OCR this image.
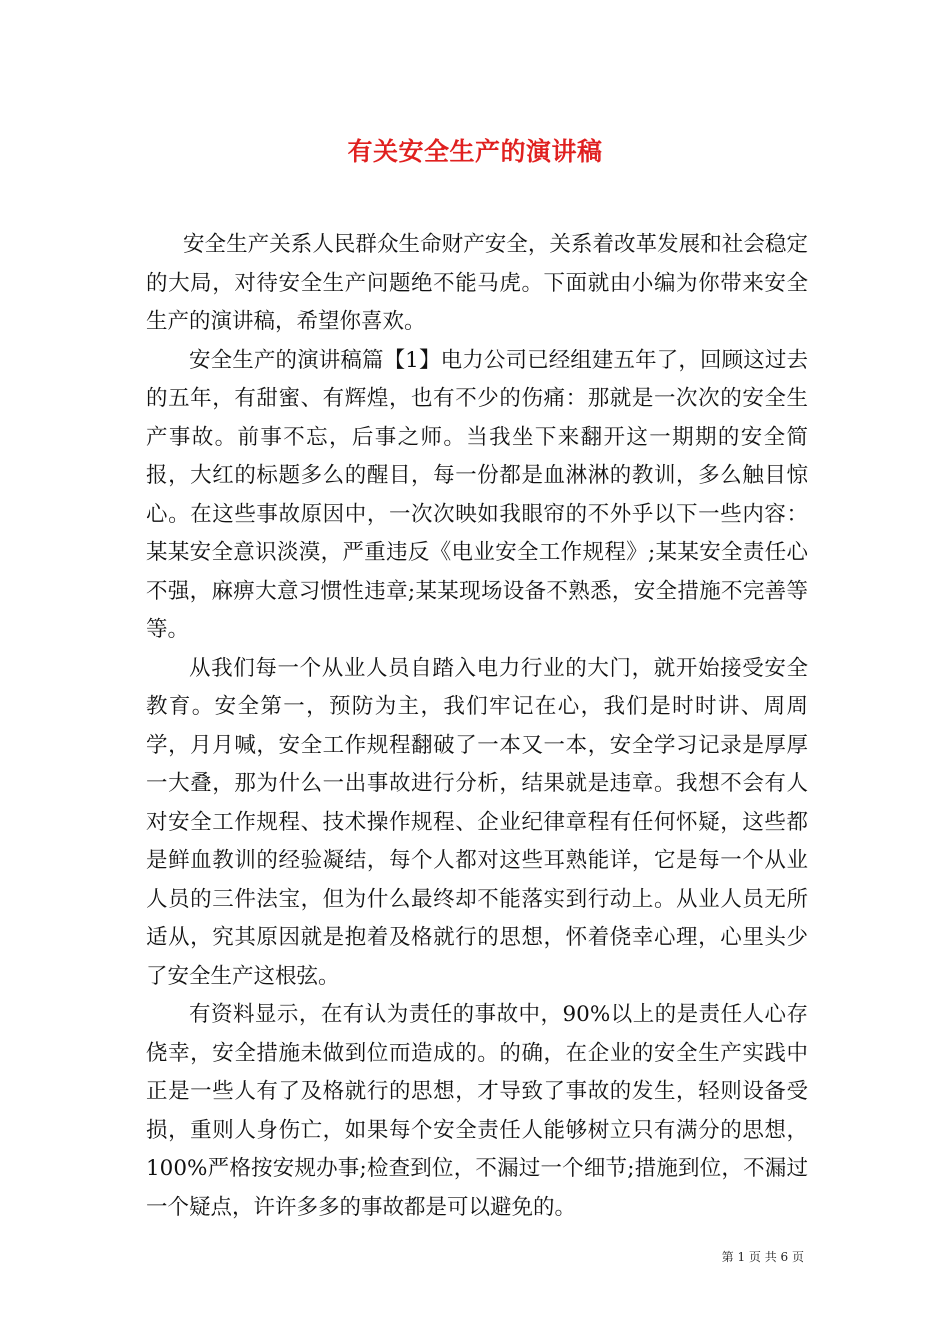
有关安全生产的演讲稿

安全生产关系人民群众生命财产安全，关系着改革发展和社会稳定的大局，对待安全生产问题绝不能马虎。下面就由小编为你带来安全生产的演讲稿，希望你喜欢。

安全生产的演讲稿篇【1】电力公司已经组建五年了，回顾这过去的五年，有甜蜜、有辉煌，也有不少的伤痛：那就是一次次的安全生产事故。前事不忘，后事之师。当我坐下来翻开这一期期的安全简报，大红的标题多么的醒目，每一份都是血淋淋的教训，多么触目惊心。在这些事故原因中，一次次映如我眼帘的不外乎以下一些内容：某某安全意识淡漠，严重违反《电业安全工作规程》;某某安全责任心不强，麻痹大意习惯性违章;某某现场设备不熟悉，安全措施不完善等等。

从我们每一个从业人员自踏入电力行业的大门，就开始接受安全教育。安全第一，预防为主，我们牢记在心，我们是时时讲、周周学，月月喊，安全工作规程翻破了一本又一本，安全学习记录是厚厚一大叠，那为什么一出事故进行分析，结果就是违章。我想不会有人对安全工作规程、技术操作规程、企业纪律章程有任何怀疑，这些都是鲜血教训的经验凝结，每个人都对这些耳熟能详，它是每一个从业人员的三件法宝，但为什么最终却不能落实到行动上。从业人员无所适从，究其原因就是抱着及格就行的思想，怀着侥幸心理，心里头少了安全生产这根弦。

有资料显示，在有认为责任的事故中，90%以上的是责任人心存侥幸，安全措施未做到位而造成的。的确，在企业的安全生产实践中正是一些人有了及格就行的思想，才导致了事故的发生，轻则设备受损，重则人身伤亡，如果每个安全责任人能够树立只有满分的思想，100%严格按安规办事;检查到位，不漏过一个细节;措施到位，不漏过一个疑点，许许多多的事故都是可以避免的。

第 1 页 共 6 页
